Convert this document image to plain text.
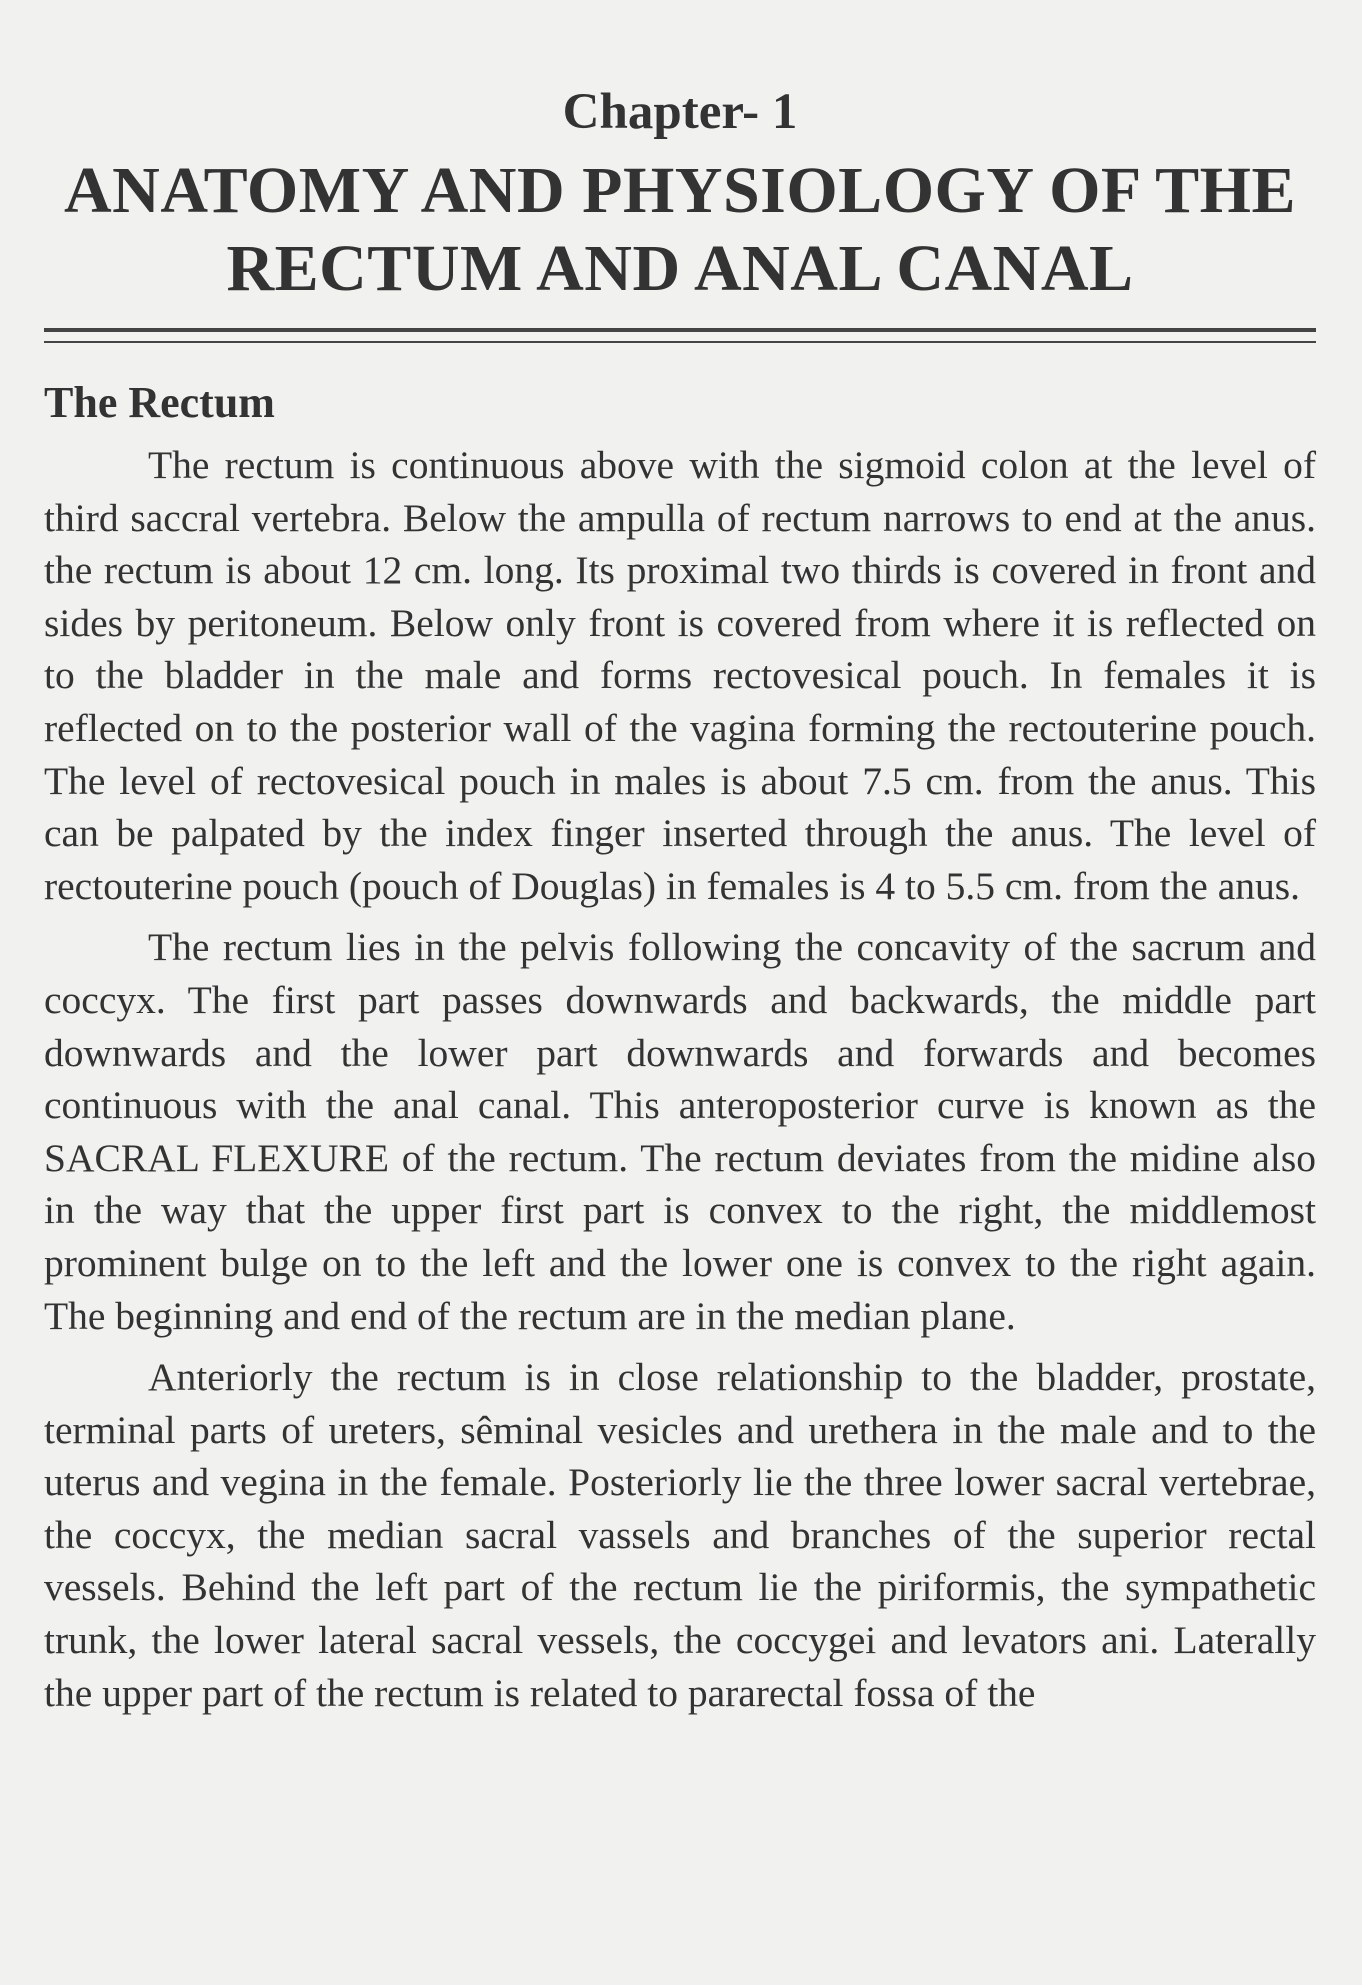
Chapter- 1
ANATOMY AND PHYSIOLOGY OF THE
RECTUM AND ANAL CANAL
The Rectum

The rectum is continuous above with the sigmoid colon at the level of third saccral vertebra. Below the ampulla of rectum narrows to end at the anus. the rectum is about 12 cm. long. Its proximal two thirds is covered in front and sides by peritoneum. Below only front is covered from where it is reflected on to the bladder in the male and forms rectovesical pouch. In females it is reflected on to the posterior wall of the vagina forming the rectouterine pouch. The level of rectovesical pouch in males is about 7.5 cm. from the anus. This can be palpated by the index finger inserted through the anus. The level of rectouterine pouch (pouch of Douglas) in females is 4 to 5.5 cm. from the anus.

The rectum lies in the pelvis following the concavity of the sacrum and coccyx. The first part passes downwards and backwards, the middle part downwards and the lower part downwards and forwards and becomes continuous with the anal canal. This anteroposterior curve is known as the SACRAL FLEXURE of the rectum. The rectum deviates from the midine also in the way that the upper first part is convex to the right, the middlemost prominent bulge on to the left and the lower one is convex to the right again. The beginning and end of the rectum are in the median plane.

Anteriorly the rectum is in close relationship to the bladder, prostate, terminal parts of ureters, sêminal vesicles and urethera in the male and to the uterus and vegina in the female. Posteriorly lie the three lower sacral vertebrae, the coccyx, the median sacral vassels and branches of the superior rectal vessels. Behind the left part of the rectum lie the piriformis, the sympathetic trunk, the lower lateral sacral vessels, the coccygei and levators ani. Laterally the upper part of the rectum is related to pararectal fossa of the
